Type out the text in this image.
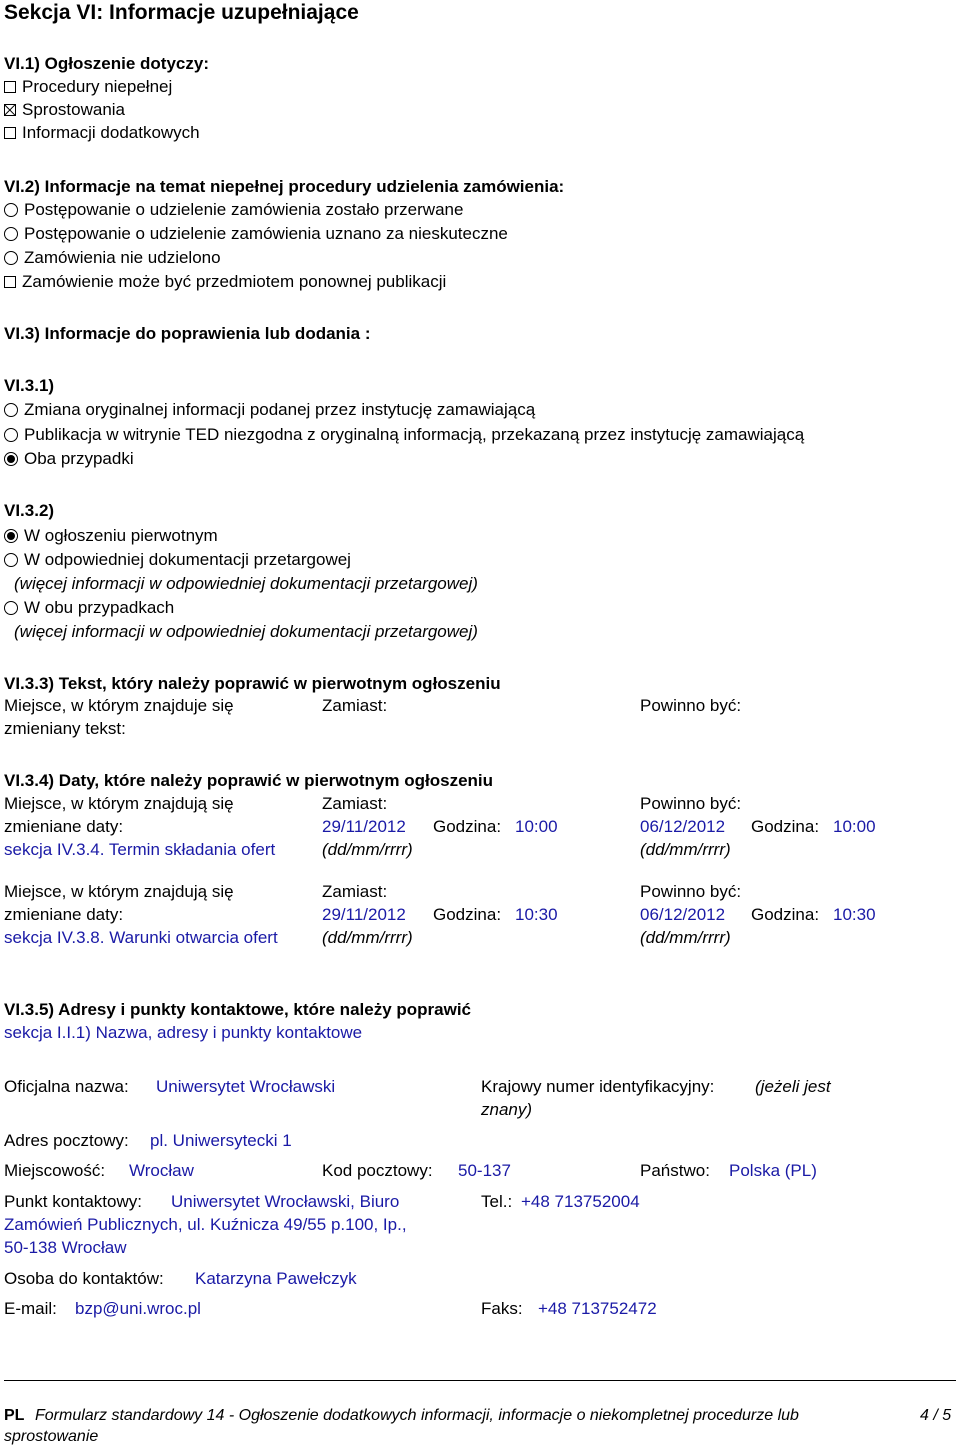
Sekcja VI: Informacje uzupełniające
VI.1) Ogłoszenie dotyczy:
Procedury niepełnej
Sprostowania
Informacji dodatkowych
VI.2) Informacje na temat niepełnej procedury udzielenia zamówienia:
Postępowanie o udzielenie zamówienia zostało przerwane
Postępowanie o udzielenie zamówienia uznano za nieskuteczne
Zamówienia nie udzielono
Zamówienie może być przedmiotem ponownej publikacji
VI.3) Informacje do poprawienia lub dodania :
VI.3.1)
Zmiana oryginalnej informacji podanej przez instytucję zamawiającą
Publikacja w witrynie TED niezgodna z oryginalną informacją, przekazaną przez instytucję zamawiającą
Oba przypadki
VI.3.2)
W ogłoszeniu pierwotnym
W odpowiedniej dokumentacji przetargowej
(więcej informacji w odpowiedniej dokumentacji przetargowej)
W obu przypadkach
(więcej informacji w odpowiedniej dokumentacji przetargowej)
VI.3.3) Tekst, który należy poprawić w pierwotnym ogłoszeniu
Miejsce, w którym znajduje się
zmieniany tekst:
Zamiast:	Powinno być:
VI.3.4) Daty, które należy poprawić w pierwotnym ogłoszeniu
Miejsce, w którym znajdują się
zmieniane daty:
sekcja IV.3.4. Termin składania ofert
Zamiast:
29/11/2012 Godzina: 10:00
(dd/mm/rrrr)
Powinno być:
06/12/2012 Godzina: 10:00
(dd/mm/rrrr)
Miejsce, w którym znajdują się
zmieniane daty:
sekcja IV.3.8. Warunki otwarcia ofert
Zamiast:
29/11/2012 Godzina: 10:30
(dd/mm/rrrr)
Powinno być:
06/12/2012 Godzina: 10:30
(dd/mm/rrrr)
VI.3.5) Adresy i punkty kontaktowe, które należy poprawić
sekcja I.I.1) Nazwa, adresy i punkty kontaktowe
Oficjalna nazwa: Uniwersytet Wrocławski	Krajowy numer identyfikacyjny: (jeżeli jest
znany)
Adres pocztowy: pl. Uniwersytecki 1
Miejscowość: Wrocław	Kod pocztowy: 50-137	Państwo: Polska (PL)
Punkt kontaktowy: Uniwersytet Wrocławski, Biuro
Zamówień Publicznych, ul. Kuźnicza 49/55 p.100, Ip.,
50-138 Wrocław
Tel.: +48 713752004
Osoba do kontaktów: Katarzyna Pawełczyk
E-mail: bzp@uni.wroc.pl	Faks: +48 713752472
PL Formularz standardowy 14 - Ogłoszenie dodatkowych informacji, informacje o niekompletnej procedurze lub
sprostowanie
4 / 5
